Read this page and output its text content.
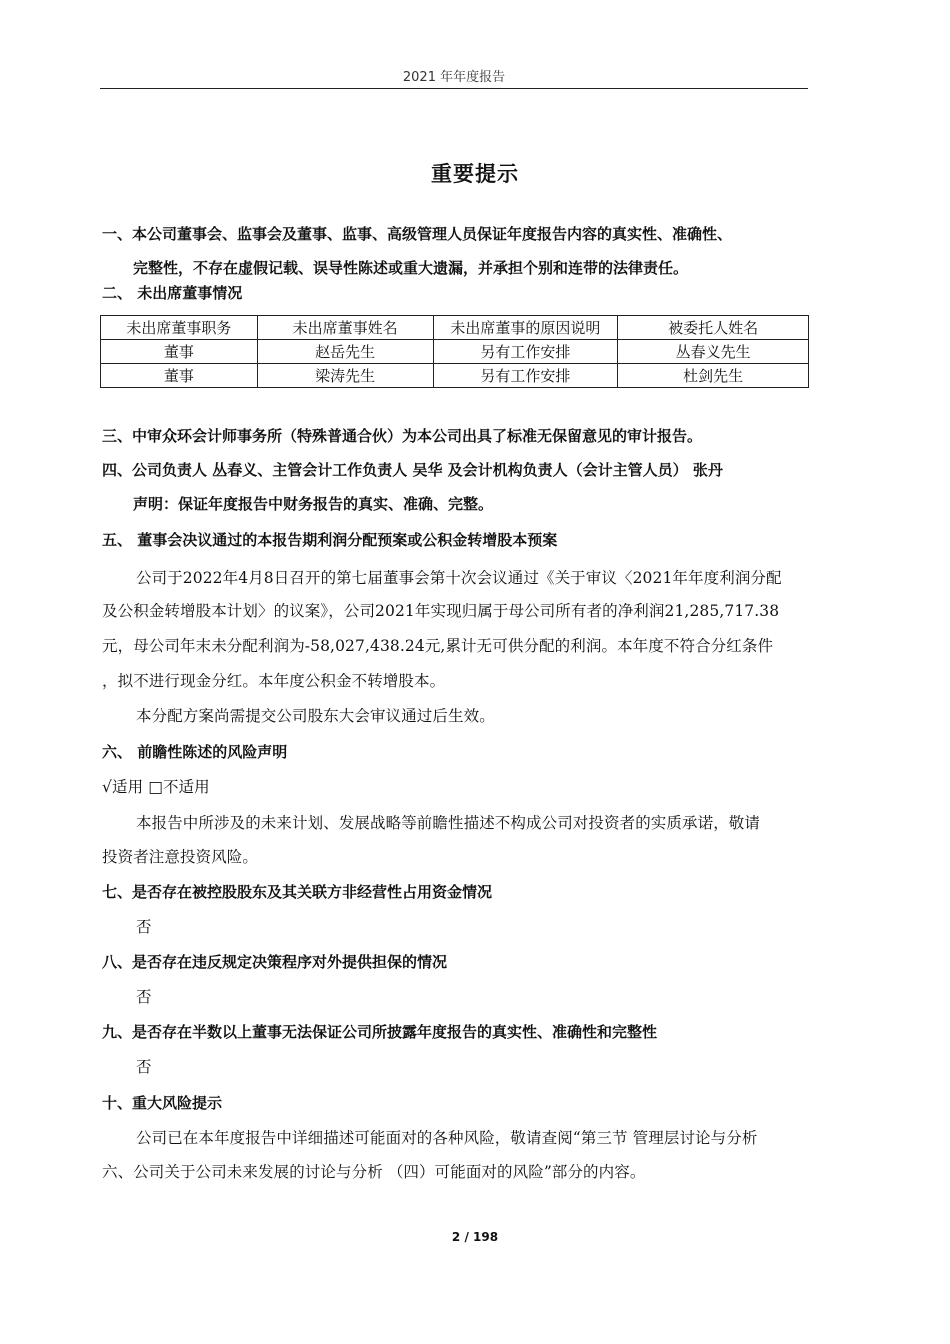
2021 年年度报告
重要提示
一、本公司董事会、监事会及董事、监事、高级管理人员保证年度报告内容的真实性、准确性、
完整性，不存在虚假记载、误导性陈述或重大遗漏，并承担个别和连带的法律责任。
二、 未出席董事情况
未出席董事职务	未出席董事姓名	未出席董事的原因说明	被委托人姓名
董事	赵岳先生	另有工作安排	丛春义先生
董事	梁涛先生	另有工作安排	杜剑先生
三、中审众环会计师事务所（特殊普通合伙）为本公司出具了标准无保留意见的审计报告。
四、公司负责人 丛春义、主管会计工作负责人 吴华 及会计机构负责人（会计主管人员） 张丹
声明：保证年度报告中财务报告的真实、准确、完整。
五、 董事会决议通过的本报告期利润分配预案或公积金转增股本预案
公司于2022年4月8日召开的第七届董事会第十次会议通过《关于审议〈2021年年度利润分配
及公积金转增股本计划〉的议案》，公司2021年实现归属于母公司所有者的净利润21,285,717.38
元，母公司年末未分配利润为-58,027,438.24元,累计无可供分配的利润。本年度不符合分红条件
，拟不进行现金分红。本年度公积金不转增股本。
本分配方案尚需提交公司股东大会审议通过后生效。
六、 前瞻性陈述的风险声明
√适用 □不适用
本报告中所涉及的未来计划、发展战略等前瞻性描述不构成公司对投资者的实质承诺，敬请
投资者注意投资风险。
七、是否存在被控股股东及其关联方非经营性占用资金情况
否
八、是否存在违反规定决策程序对外提供担保的情况
否
九、是否存在半数以上董事无法保证公司所披露年度报告的真实性、准确性和完整性
否
十、重大风险提示
公司已在本年度报告中详细描述可能面对的各种风险，敬请查阅“第三节 管理层讨论与分析
六、公司关于公司未来发展的讨论与分析 （四）可能面对的风险”部分的内容。
2 / 198
